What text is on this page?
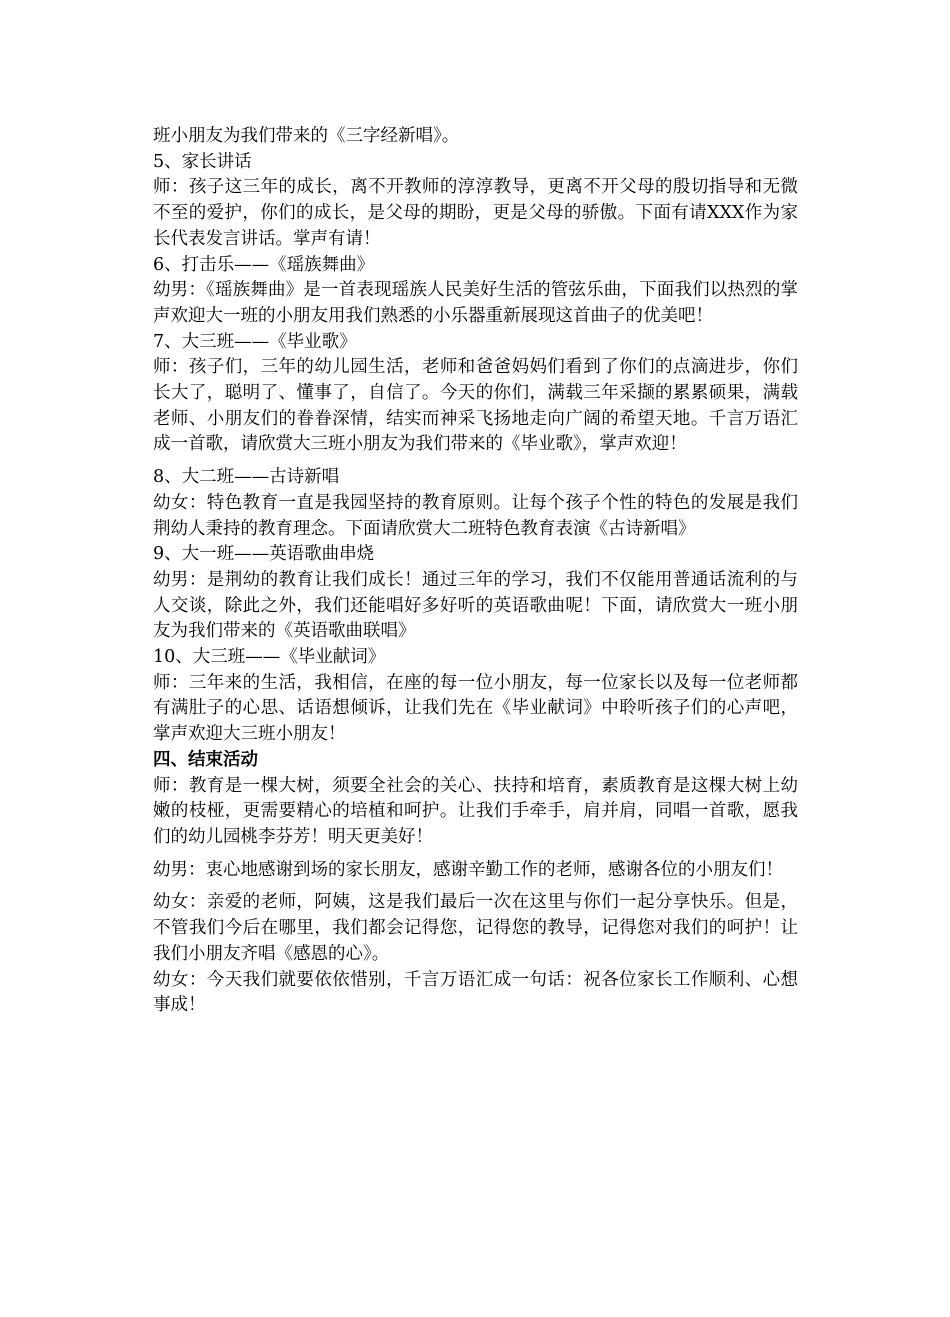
班小朋友为我们带来的《三字经新唱》。

5、家长讲话

师：孩子这三年的成长，离不开教师的淳淳教导，更离不开父母的殷切指导和无微不至的爱护，你们的成长，是父母的期盼，更是父母的骄傲。下面有请XXX作为家长代表发言讲话。掌声有请！

6、打击乐——《瑶族舞曲》

幼男：《瑶族舞曲》是一首表现瑶族人民美好生活的管弦乐曲，下面我们以热烈的掌声欢迎大一班的小朋友用我们熟悉的小乐器重新展现这首曲子的优美吧！

7、大三班——《毕业歌》

师：孩子们，三年的幼儿园生活，老师和爸爸妈妈们看到了你们的点滴进步，你们长大了，聪明了、懂事了，自信了。今天的你们，满载三年采撷的累累硕果，满载老师、小朋友们的眷眷深情，结实而神采飞扬地走向广阔的希望天地。千言万语汇成一首歌，请欣赏大三班小朋友为我们带来的《毕业歌》，掌声欢迎！

8、大二班——古诗新唱

幼女：特色教育一直是我园坚持的教育原则。让每个孩子个性的特色的发展是我们荆幼人秉持的教育理念。下面请欣赏大二班特色教育表演《古诗新唱》

9、大一班——英语歌曲串烧

幼男：是荆幼的教育让我们成长！通过三年的学习，我们不仅能用普通话流利的与人交谈，除此之外，我们还能唱好多好听的英语歌曲呢！下面，请欣赏大一班小朋友为我们带来的《英语歌曲联唱》

10、大三班——《毕业献词》

师：三年来的生活，我相信，在座的每一位小朋友，每一位家长以及每一位老师都有满肚子的心思、话语想倾诉，让我们先在《毕业献词》中聆听孩子们的心声吧，掌声欢迎大三班小朋友！

四、结束活动

师：教育是一棵大树，须要全社会的关心、扶持和培育，素质教育是这棵大树上幼嫩的枝桠，更需要精心的培植和呵护。让我们手牵手，肩并肩，同唱一首歌，愿我们的幼儿园桃李芬芳！明天更美好！

幼男：衷心地感谢到场的家长朋友，感谢辛勤工作的老师，感谢各位的小朋友们！

幼女：亲爱的老师，阿姨，这是我们最后一次在这里与你们一起分享快乐。但是，不管我们今后在哪里，我们都会记得您，记得您的教导，记得您对我们的呵护！让我们小朋友齐唱《感恩的心》。

幼女：今天我们就要依依惜别，千言万语汇成一句话：祝各位家长工作顺利、心想事成！
